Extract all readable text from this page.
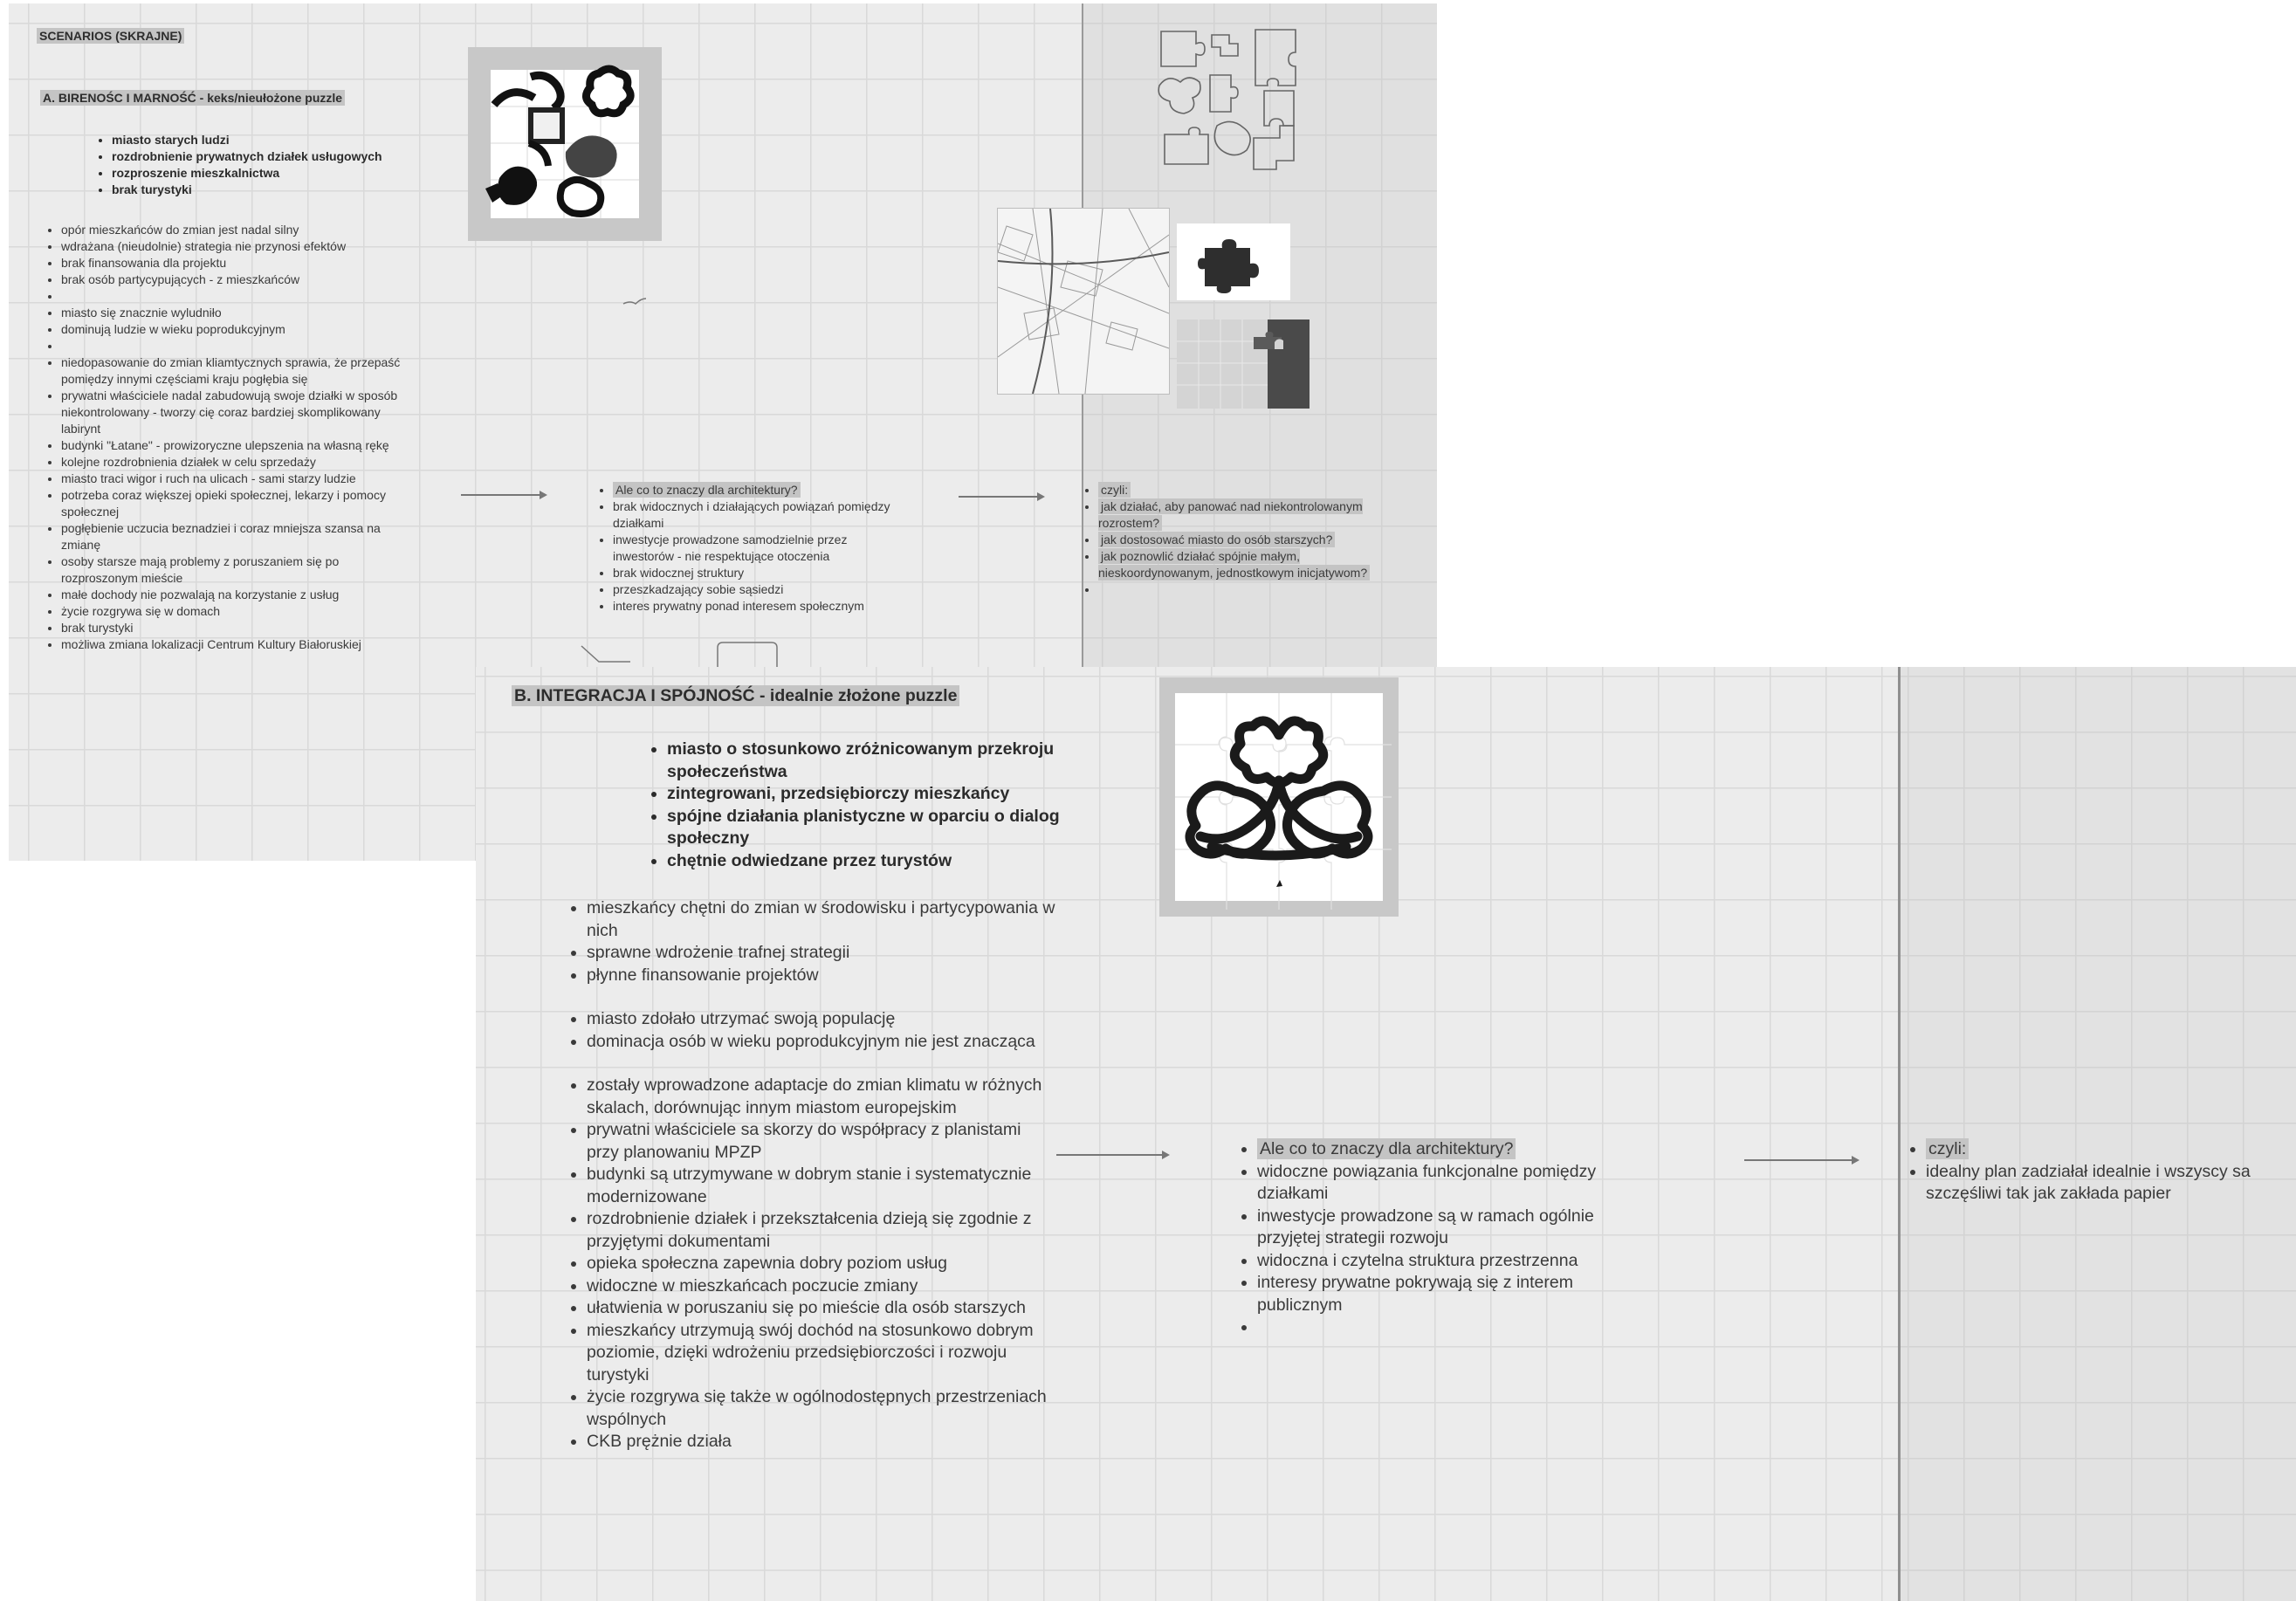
SCENARIOS (SKRAJNE)
A. BIRENOŚC I MARNOŚĆ - keks/nieułożone puzzle
• miasto starych ludzi
• rozdrobnienie prywatnych działek usługowych
• rozproszenie mieszkalnictwa
• brak turystyki
• opór mieszkańców do zmian jest nadal silny
• wdrażana (nieudolnie) strategia nie przynosi efektów
• brak finansowania dla projektu
• brak osób partycypujących - z mieszkańców
•
• miasto się znacznie wyludniło
• dominują ludzie w wieku poprodukcyjnym
•
• niedopasowanie do zmian kliamtycznych sprawia, że przepaść pomiędzy innymi częściami kraju pogłębia się
• prywatni właściciele nadal zabudowują swoje działki w sposób niekontrolowany - tworzy cię coraz bardziej skomplikowany labirynt
• budynki "Łatane" - prowizoryczne ulepszenia na własną rękę
• kolejne rozdrobnienia działek w celu sprzedaży
• miasto traci wigor i ruch na ulicach - sami starzy ludzie
• potrzeba coraz większej opieki społecznej, lekarzy i pomocy społecznej
• pogłębienie uczucia beznadziei i coraz mniejsza szansa na zmianę
• osoby starsze mają problemy z poruszaniem się po rozproszonym mieście
• małe dochody nie pozwalają na korzystanie z usług
• życie rozgrywa się w domach
• brak turystyki
• możliwa zmiana lokalizacji Centrum Kultury Białoruskiej
• Ale co to znaczy dla architektury?
• brak widocznych i działających powiązań pomiędzy działkami
• inwestycje prowadzone samodzielnie przez inwestorów - nie respektujące otoczenia
• brak widocznej struktury
• przeszkadzający sobie sąsiedzi
• interes prywatny ponad interesem społecznym
• czyli:
• jak działać, aby panować nad niekontrolowanym rozrostem?
• jak dostosować miasto do osób starszych?
• jak poznowlić działać spójnie małym, nieskoordynowanym, jednostkowym inicjatywom?
•
B. INTEGRACJA I SPÓJNOŚĆ - idealnie złożone puzzle
• miasto o stosunkowo zróżnicowanym przekroju społeczeństwa
• zintegrowani, przedsiębiorczy mieszkańcy
• spójne działania planistyczne w oparciu o dialog społeczny
• chętnie odwiedzane przez turystów
• mieszkańcy chętni do zmian w środowisku i partycypowania w nich
• sprawne wdrożenie trafnej strategii
• płynne finansowanie projektów
• miasto zdołało utrzymać swoją populację
• dominacja osób w wieku poprodukcyjnym nie jest znacząca
• zostały wprowadzone adaptacje do zmian klimatu w różnych skalach, dorównując innym miastom europejskim
• prywatni właściciele sa skorzy do współpracy z planistami przy planowaniu MPZP
• budynki są utrzymywane w dobrym stanie i systematycznie modernizowane
• rozdrobnienie działek i przekształcenia dzieją się zgodnie z przyjętymi dokumentami
• opieka społeczna zapewnia dobry poziom usług
• widoczne w mieszkańcach poczucie zmiany
• ułatwienia w poruszaniu się po mieście dla osób starszych
• mieszkańcy utrzymują swój dochód na stosunkowo dobrym poziomie, dzięki wdrożeniu przedsiębiorczości i rozwoju turystyki
• życie rozgrywa się także w ogólnodostępnych przestrzeniach wspólnych
• CKB prężnie działa
• Ale co to znaczy dla architektury?
• widoczne powiązania funkcjonalne pomiędzy działkami
• inwestycje prowadzone są w ramach ogólnie przyjętej strategii rozwoju
• widoczna i czytelna struktura przestrzenna
• interesy prywatne pokrywają się z interem publicznym
•
• czyli:
• idealny plan zadziałał idealnie i wszyscy sa szczęśliwi tak jak zakłada papier
